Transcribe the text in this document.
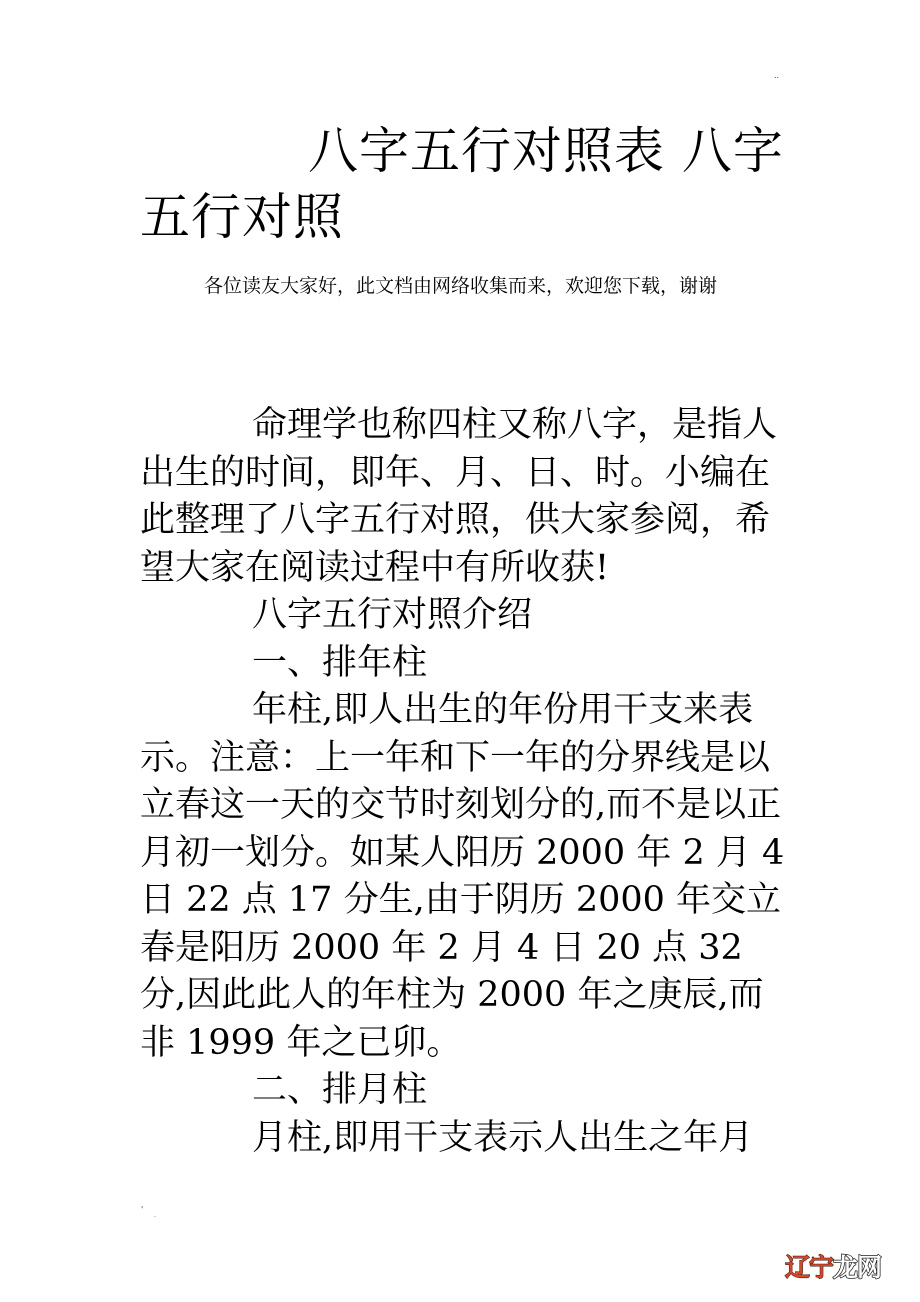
..
八字五行对照表 八字五行对照

各位读友大家好，此文档由网络收集而来，欢迎您下载，谢谢

命理学也称四柱又称八字，是指人出生的时间，即年、月、日、时。小编在此整理了八字五行对照，供大家参阅，希望大家在阅读过程中有所收获!

八字五行对照介绍

一、排年柱

年柱,即人出生的年份用干支来表示。注意：上一年和下一年的分界线是以立春这一天的交节时刻划分的,而不是以正月初一划分。如某人阳历 2000 年 2 月 4 日 22 点 17 分生,由于阴历 2000 年交立春是阳历 2000 年 2 月 4 日 20 点 32 分,因此此人的年柱为 2000 年之庚辰,而非 1999 年之已卯。

二、排月柱

月柱,即用干支表示人出生之年月

'
.
辽宁龙网
